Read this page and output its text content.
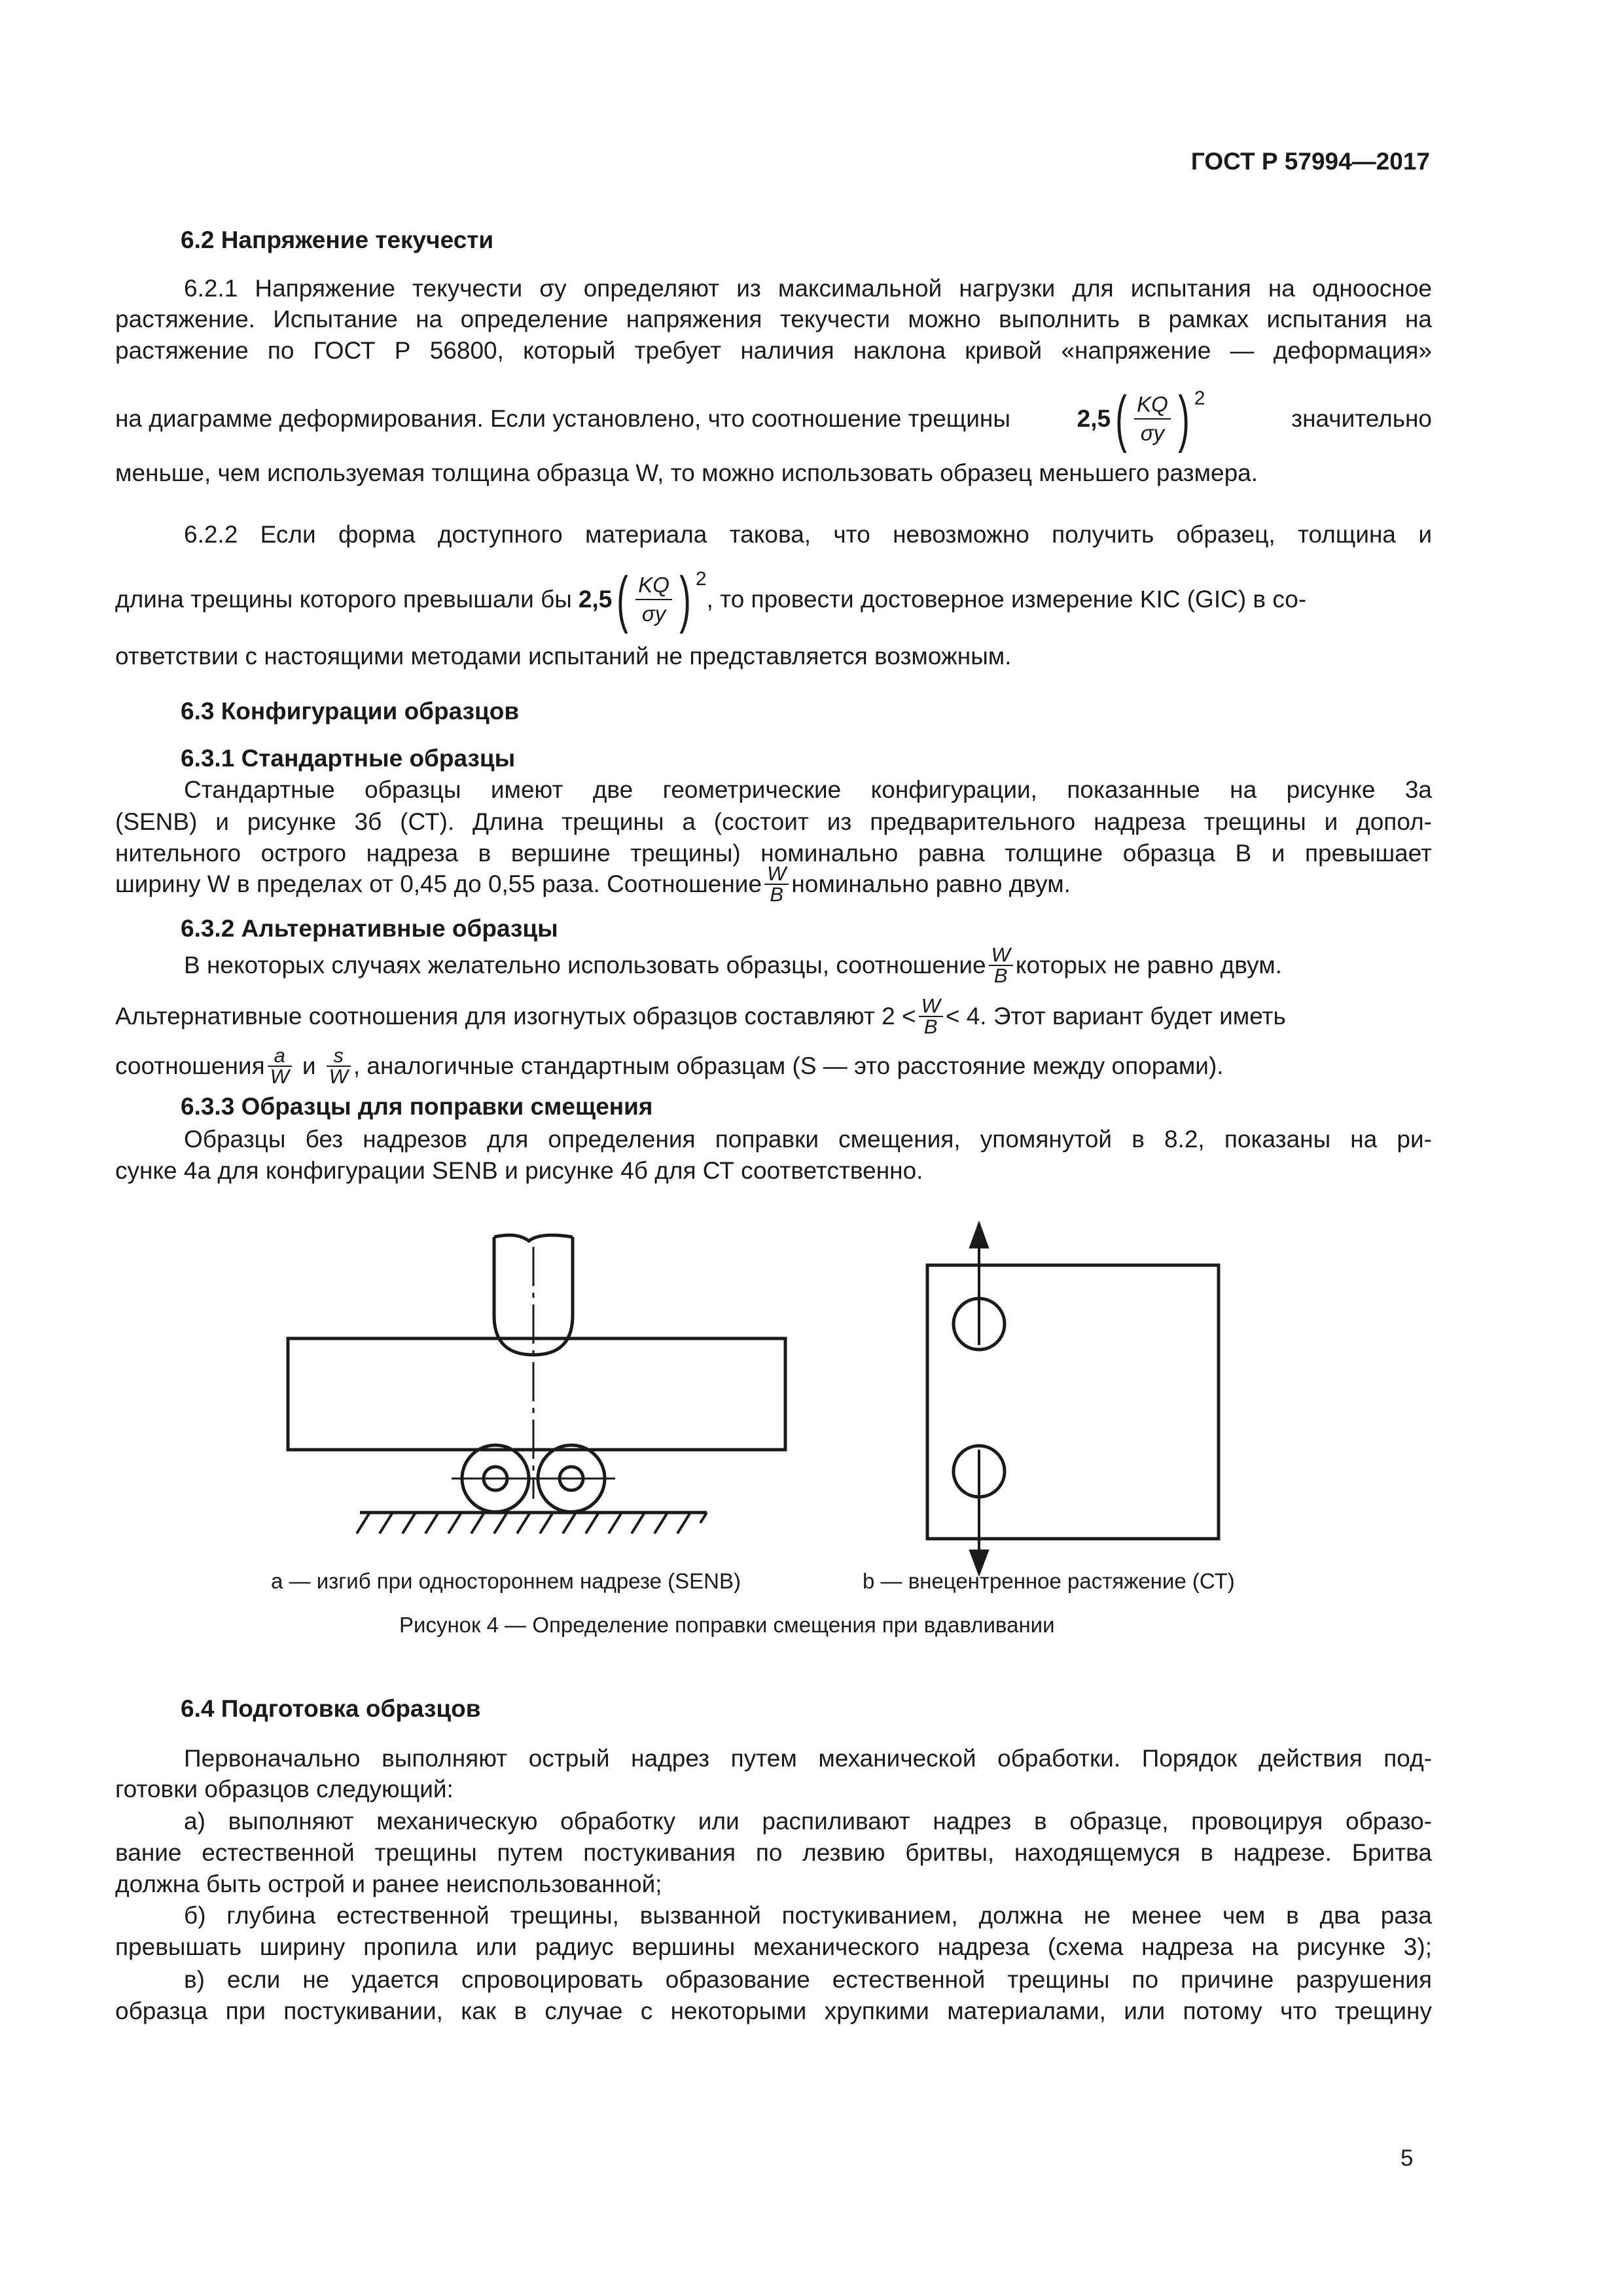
ГОСТ Р 57994—2017
6.2 Напряжение текучести
6.2.1 Напряжение текучести σy определяют из максимальной нагрузки для испытания на одноосное
растяжение. Испытание на определение напряжения текучести можно выполнить в рамках испытания на
растяжение по ГОСТ Р 56800, который требует наличия наклона кривой «напряжение — деформация»
на диаграмме деформирования. Если установлено, что соотношение трещины	2,5 ( $\frac{KQ}{\sigma y}$ ) 2
значительно
меньше, чем используемая толщина образца W, то можно использовать образец меньшего размера.
6.2.2 Если форма доступного материала такова, что невозможно получить образец, толщина и
длина трещины которого превышали бы 2,5 ( $\frac{KQ}{\sigma y}$ ) 2
, то провести достоверное измерение KIC (GIC) в со-
ответствии с настоящими методами испытаний не представляется возможным.
6.3 Конфигурации образцов
6.3.1 Стандартные образцы
Стандартные образцы имеют две геометрические конфигурации, показанные на рисунке 3а
(SENB) и рисунке 3б (СТ). Длина трещины a (состоит из предварительного надреза трещины и допол-
нительного острого надреза в вершине трещины) номинально равна толщине образца B и превышает
ширину W в пределах от 0,45 до 0,55 раза. Соотношение $\frac{W}{B}$ номинально равно двум.
6.3.2 Альтернативные образцы
В некоторых случаях желательно использовать образцы, соотношение $\frac{W}{B}$ которых не равно двум.
Альтернативные соотношения для изогнутых образцов составляют $2 < \frac{W}{B} < 4$. Этот вариант будет иметь
соотношения $\frac{a}{W}$ и $\frac{s}{W}$ , аналогичные стандартным образцам (S — это расстояние между опорами).
6.3.3 Образцы для поправки смещения
Образцы без надрезов для определения поправки смещения, упомянутой в 8.2, показаны на ри-
сунке 4а для конфигурации SENB и рисунке 4б для СТ соответственно.
а — изгиб при одностороннем надрезе (SENB)	b — внецентренное растяжение (СТ)
Рисунок 4 — Определение поправки смещения при вдавливании
6.4 Подготовка образцов
Первоначально выполняют острый надрез путем механической обработки. Порядок действия под-
готовки образцов следующий:
а) выполняют механическую обработку или распиливают надрез в образце, провоцируя образо-
вание естественной трещины путем постукивания по лезвию бритвы, находящемуся в надрезе. Бритва
должна быть острой и ранее неиспользованной;
б) глубина естественной трещины, вызванной постукиванием, должна не менее чем в два раза
превышать ширину пропила или радиус вершины механического надреза (схема надреза на рисунке 3);
в) если не удается спровоцировать образование естественной трещины по причине разрушения
образца при постукивании, как в случае с некоторыми хрупкими материалами, или потому что трещину
5
